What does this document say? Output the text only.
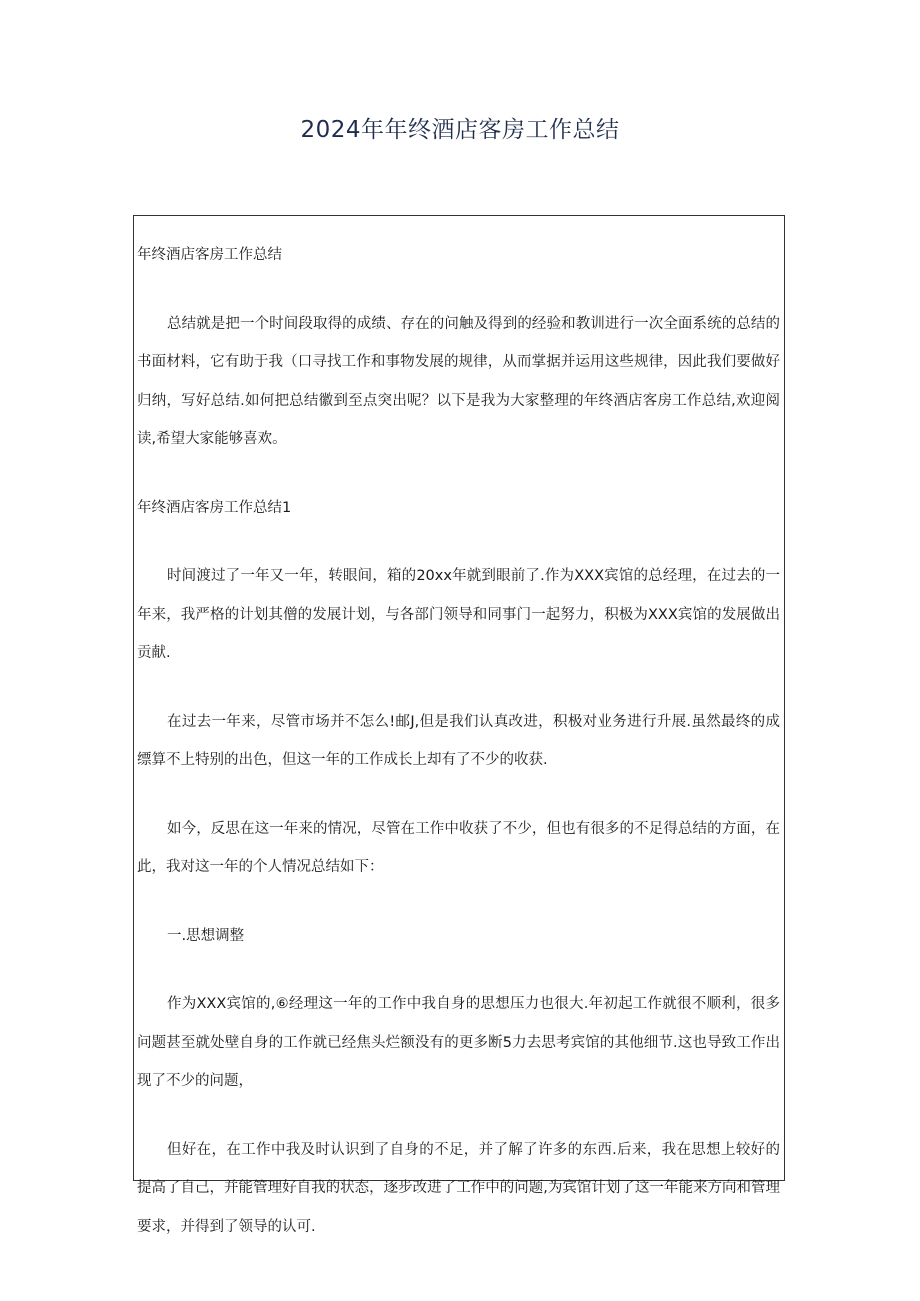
2024年年终酒店客房工作总结

年终酒店客房工作总结

总结就是把一个时间段取得的成绩、存在的问触及得到的经验和教训进行一次全面系统的总结的书面材料，它有助于我（口寻找工作和事物发展的规律，从而掌据并运用这些规律，因此我们要做好归纳，写好总结.如何把总结徽到至点突出呢？以下是我为大家整理的年终酒店客房工作总结,欢迎阅读,希望大家能够喜欢。

年终酒店客房工作总结1

时间渡过了一年又一年，转眼间，箱的20xx年就到眼前了.作为XXX宾馆的总经理，在过去的一年来，我严格的计划其僧的发展计划，与各部门领导和同事门一起努力，积极为XXX宾馆的发展做出贡献.

在过去一年来，尽管市场并不怎么!邮J,但是我们认真改进，积极对业务进行升展.虽然最终的成缥算不上特别的出色，但这一年的工作成长上却有了不少的收获.

如今，反思在这一年来的情况，尽管在工作中收获了不少，但也有很多的不足得总结的方面，在此，我对这一年的个人情况总结如下：

一.思想调整

作为XXX宾馆的,⑥经理这一年的工作中我自身的思想压力也很大.年初起工作就很不顺利，很多问题甚至就处壁自身的工作就已经焦头烂额没有的更多断5力去思考宾馆的其他细节.这也导致工作出现了不少的问题，

但好在，在工作中我及时认识到了自身的不足，并了解了许多的东西.后来，我在思想上较好的提高了自己，并能管理好自我的状态，逐步改进了工作中的问题,为宾馆计划了这一年能来方向和管理要求，并得到了领导的认可.
